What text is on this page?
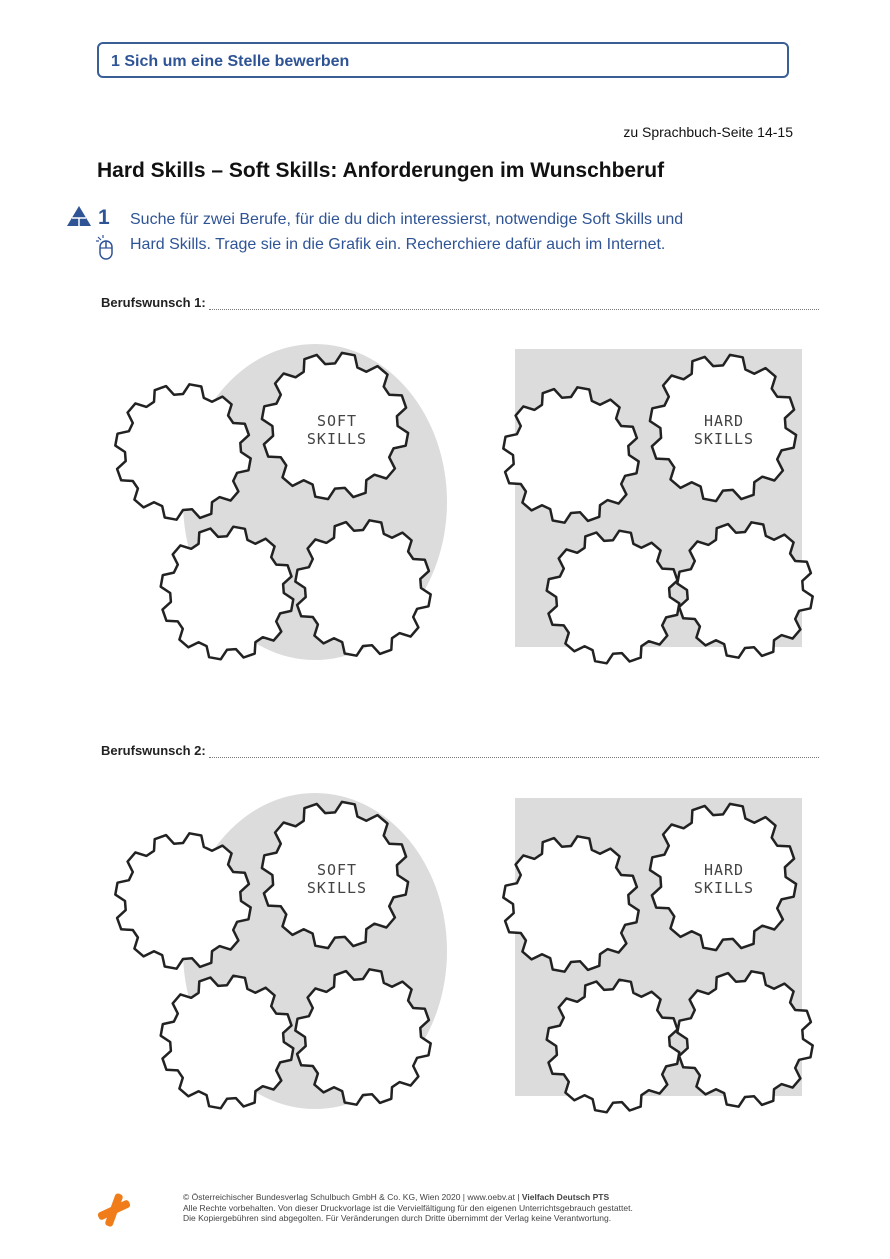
1 Sich um eine Stelle bewerben
zu Sprachbuch-Seite 14-15
Hard Skills – Soft Skills: Anforderungen im Wunschberuf
1 Suche für zwei Berufe, für die du dich interessierst, notwendige Soft Skills und
Hard Skills. Trage sie in die Grafik ein. Recherchiere dafür auch im Internet.
Berufswunsch 1:
SOFT
SKILLS
HARD
SKILLS
Berufswunsch 2:
SOFT
SKILLS
HARD
SKILLS
© Österreichischer Bundesverlag Schulbuch GmbH & Co. KG, Wien 2020 | www.oebv.at | Vielfach Deutsch PTS
Alle Rechte vorbehalten. Von dieser Druckvorlage ist die Vervielfältigung für den eigenen Unterrichtsgebrauch gestattet.
Die Kopiergebühren sind abgegolten. Für Veränderungen durch Dritte übernimmt der Verlag keine Verantwortung.
